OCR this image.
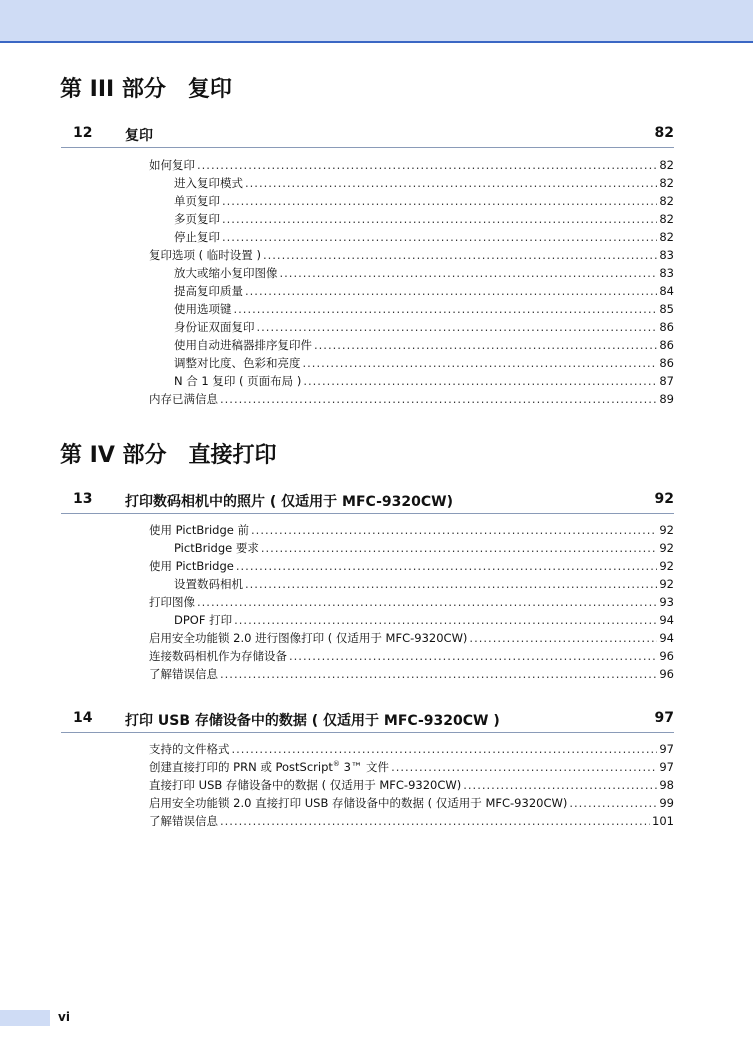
第 III 部分 复印
12 复印	82
如何复印 .....	82
进入复印模式 .....	82
单页复印 .....	82
多页复印 .....	82
停止复印 .....	82
复印选项 ( 临时设置 ) .....	83
放大或缩小复印图像 .....	83
提高复印质量 .....	84
使用选项键 .....	85
身份证双面复印 .....	86
使用自动进稿器排序复印件 .....	86
调整对比度、色彩和亮度 .....	86
N 合 1 复印 ( 页面布局 ) .....	87
内存已满信息 .....	89
第 IV 部分 直接打印
13 打印数码相机中的照片 ( 仅适用于 MFC-9320CW)	92
使用 PictBridge 前 .....	92
PictBridge 要求 .....	92
使用 PictBridge .....	92
设置数码相机 .....	92
打印图像 .....	93
DPOF 打印 .....	94
启用安全功能锁 2.0 进行图像打印 ( 仅适用于 MFC-9320CW) .....	94
连接数码相机作为存储设备 .....	96
了解错误信息 .....	96
14 打印 USB 存储设备中的数据 ( 仅适用于 MFC-9320CW )	97
支持的文件格式 .....	97
创建直接打印的 PRN 或 PostScript® 3™ 文件 .....	97
直接打印 USB 存储设备中的数据 ( 仅适用于 MFC-9320CW) .....	98
启用安全功能锁 2.0 直接打印 USB 存储设备中的数据 ( 仅适用于 MFC-9320CW) .....	99
了解错误信息 .....	101
vi
